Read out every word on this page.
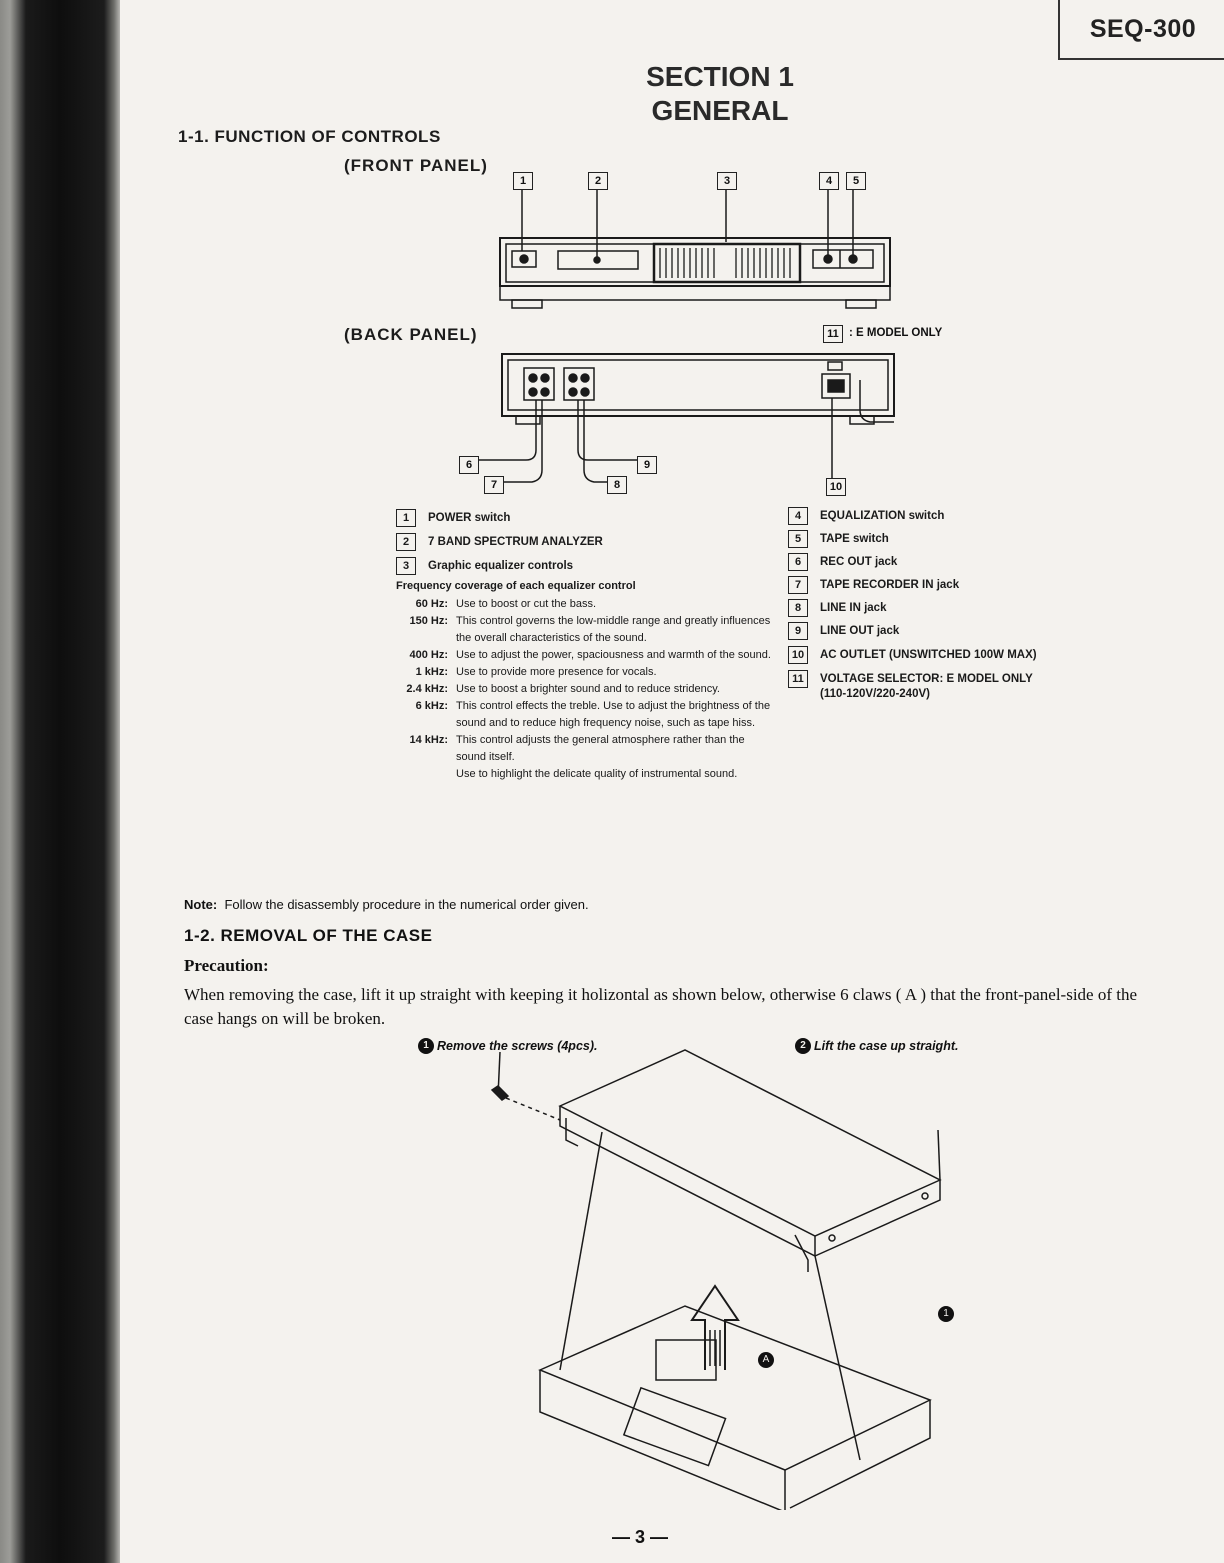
SEQ-300
SECTION 1
GENERAL
1-1. FUNCTION OF CONTROLS
(FRONT PANEL)
(BACK PANEL)
1	2	3	4	5
11 : E MODEL ONLY
6
7	8
9
10
1	POWER switch
2	7 BAND SPECTRUM ANALYZER
3	Graphic equalizer controls
Frequency coverage of each equalizer control
60 Hz: Use to boost or cut the bass.
150 Hz: This control governs the low-middle range and greatly influences the overall characteristics of the sound.
400 Hz: Use to adjust the power, spaciousness and warmth of the sound.
1 kHz: Use to provide more presence for vocals.
2.4 kHz: Use to boost a brighter sound and to reduce stridency.
6 kHz: This control effects the treble. Use to adjust the brightness of the sound and to reduce high frequency noise, such as tape hiss.
14 kHz: This control adjusts the general atmosphere rather than the sound itself.
Use to highlight the delicate quality of instrumental sound.
4	EQUALIZATION switch
5	TAPE switch
6	REC OUT jack
7	TAPE RECORDER IN jack
8	LINE IN jack
9	LINE OUT jack
10	AC OUTLET (UNSWITCHED 100W MAX)
11	VOLTAGE SELECTOR: E MODEL ONLY
(110-120V/220-240V)
Note: Follow the disassembly procedure in the numerical order given.
1-2. REMOVAL OF THE CASE
Precaution:
When removing the case, lift it up straight with keeping it holizontal as shown below, otherwise 6 claws ( A ) that the front-panel-side of the case hangs on will be broken.
1 Remove the screws (4pcs).	2 Lift the case up straight.
1
A
— 3 —
